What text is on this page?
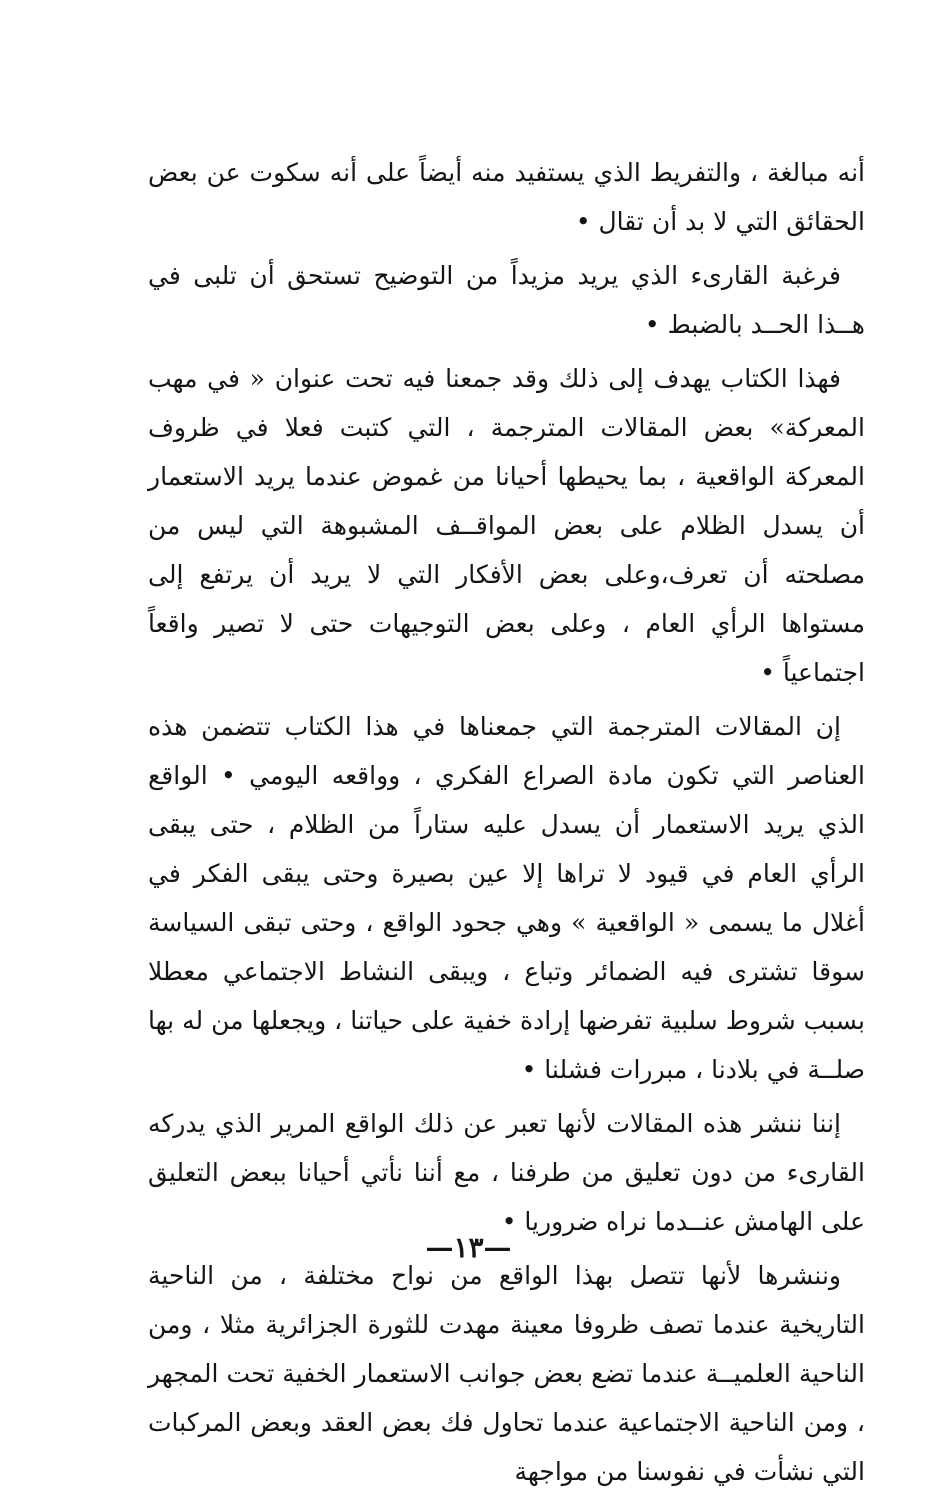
أنه مبالغة ، والتفريط الذي يستفيد منه أيضاً على أنه سكوت عن بعض الحقائق التي لا بد أن تقال •

فرغبة القارىء الذي يريد مزيداً من التوضيح تستحق أن تلبى في هــذا الحــد بالضبط •

فهذا الكتاب يهدف إلى ذلك وقد جمعنا فيه تحت عنوان « في مهب المعركة» بعض المقالات المترجمة ، التي كتبت فعلا في ظروف المعركة الواقعية ، بما يحيطها أحيانا من غموض عندما يريد الاستعمار أن يسدل الظلام على بعض المواقــف المشبوهة التي ليس من مصلحته أن تعرف،وعلى بعض الأفكار التي لا يريد أن يرتفع إلى مستواها الرأي العام ، وعلى بعض التوجيهات حتى لا تصير واقعاً اجتماعياً •

إن المقالات المترجمة التي جمعناها في هذا الكتاب تتضمن هذه العناصر التي تكون مادة الصراع الفكري ، وواقعه اليومي • الواقع الذي يريد الاستعمار أن يسدل عليه ستاراً من الظلام ، حتى يبقى الرأي العام في قيود لا تراها إلا عين بصيرة وحتى يبقى الفكر في أغلال ما يسمى « الواقعية » وهي جحود الواقع ، وحتى تبقى السياسة سوقا تشترى فيه الضمائر وتباع ، ويبقى النشاط الاجتماعي معطلا بسبب شروط سلبية تفرضها إرادة خفية على حياتنا ، ويجعلها من له بها صلــة في بلادنا ، مبررات فشلنا •

إننا ننشر هذه المقالات لأنها تعبر عن ذلك الواقع المرير الذي يدركه القارىء من دون تعليق من طرفنا ، مع أننا نأتي أحيانا ببعض التعليق على الهامش عنــدما نراه ضروريا •

وننشرها لأنها تتصل بهذا الواقع من نواح مختلفة ، من الناحية التاريخية عندما تصف ظروفا معينة مهدت للثورة الجزائرية مثلا ، ومن الناحية العلميــة عندما تضع بعض جوانب الاستعمار الخفية تحت المجهر ، ومن الناحية الاجتماعية عندما تحاول فك بعض العقد وبعض المركبات التي نشأت في نفوسنا من مواجهة

—١٣—
